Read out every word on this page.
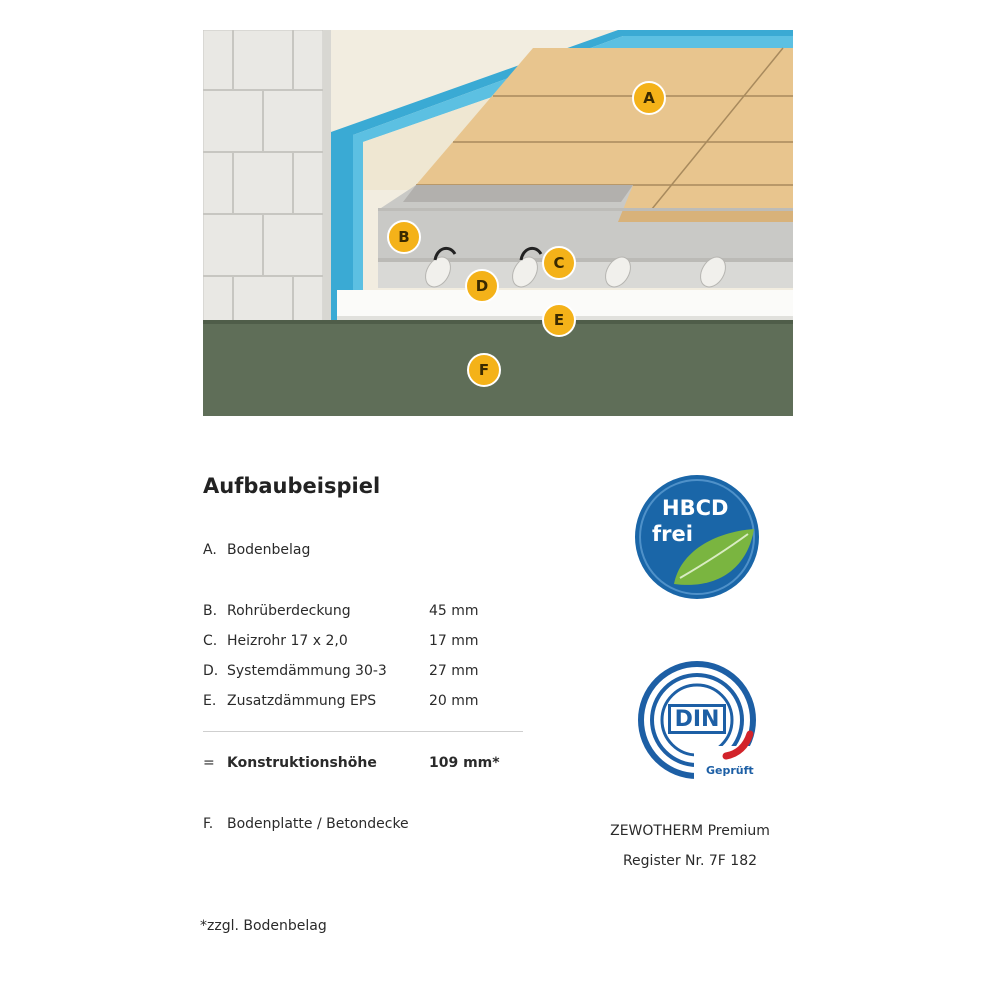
A
B
C
D
E
F
Aufbaubeispiel
A. Bodenbelag
B. Rohrüberdeckung	45 mm
C. Heizrohr 17 x 2,0	17 mm
D. Systemdämmung 30-3	27 mm
E. Zusatzdämmung EPS	20 mm
= Konstruktionshöhe	109 mm*
F. Bodenplatte / Betondecke
*zzgl. Bodenbelag
HBCD
frei
DIN
Geprüft
ZEWOTHERM Premium
Register Nr. 7F 182
